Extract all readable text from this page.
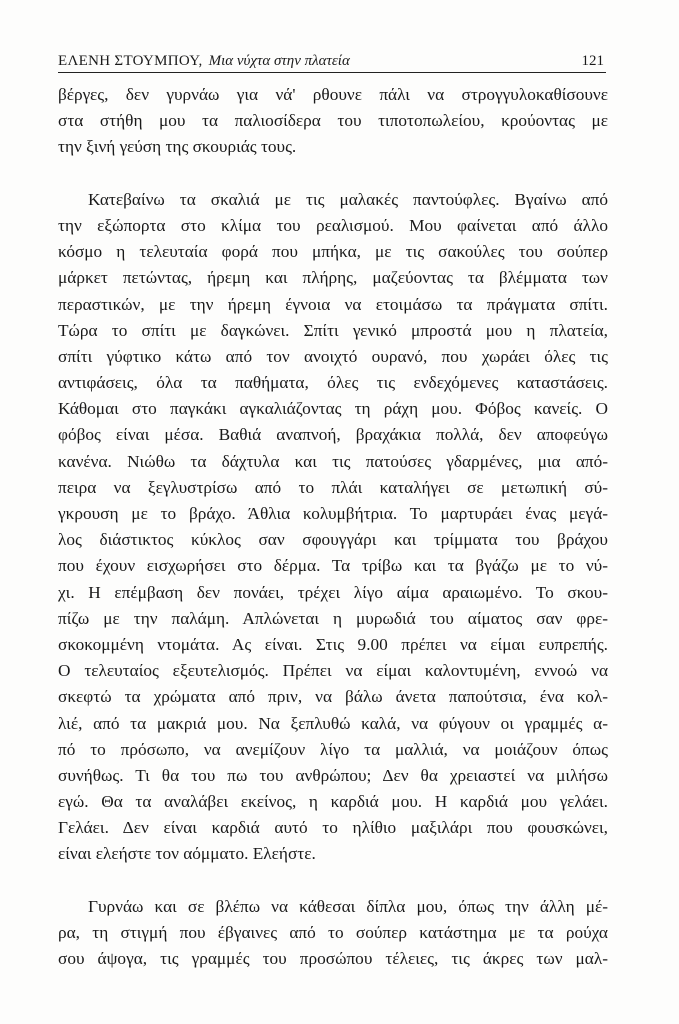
ΕΛΕΝΗ ΣΤΟΥΜΠΟΥ, Μια νύχτα στην πλατεία	121
βέργες, δεν γυρνάω για νά' ρθουνε πάλι να στρογγυλοκαθίσουνε
στα στήθη μου τα παλιοσίδερα του τιποτοπωλείου, κρούοντας με
την ξινή γεύση της σκουριάς τους.
Κατεβαίνω τα σκαλιά με τις μαλακές παντούφλες. Βγαίνω από
την εξώπορτα στο κλίμα του ρεαλισμού. Μου φαίνεται από άλλο
κόσμο η τελευταία φορά που μπήκα, με τις σακούλες του σούπερ
μάρκετ πετώντας, ήρεμη και πλήρης, μαζεύοντας τα βλέμματα των
περαστικών, με την ήρεμη έγνοια να ετοιμάσω τα πράγματα σπίτι.
Τώρα το σπίτι με δαγκώνει. Σπίτι γενικό μπροστά μου η πλατεία,
σπίτι γύφτικο κάτω από τον ανοιχτό ουρανό, που χωράει όλες τις
αντιφάσεις, όλα τα παθήματα, όλες τις ενδεχόμενες καταστάσεις.
Κάθομαι στο παγκάκι αγκαλιάζοντας τη ράχη μου. Φόβος κανείς. Ο
φόβος είναι μέσα. Βαθιά αναπνοή, βραχάκια πολλά, δεν αποφεύγω
κανένα. Νιώθω τα δάχτυλα και τις πατούσες γδαρμένες, μια από-
πειρα να ξεγλυστρίσω από το πλάι καταλήγει σε μετωπική σύ-
γκρουση με το βράχο. Άθλια κολυμβήτρια. Το μαρτυράει ένας μεγά-
λος διάστικτος κύκλος σαν σφουγγάρι και τρίμματα του βράχου
που έχουν εισχωρήσει στο δέρμα. Τα τρίβω και τα βγάζω με το νύ-
χι. Η επέμβαση δεν πονάει, τρέχει λίγο αίμα αραιωμένο. Το σκου-
πίζω με την παλάμη. Απλώνεται η μυρωδιά του αίματος σαν φρε-
σκοκομμένη ντομάτα. Ας είναι. Στις 9.00 πρέπει να είμαι ευπρεπής.
Ο τελευταίος εξευτελισμός. Πρέπει να είμαι καλοντυμένη, εννοώ να
σκεφτώ τα χρώματα από πριν, να βάλω άνετα παπούτσια, ένα κολ-
λιέ, από τα μακριά μου. Να ξεπλυθώ καλά, να φύγουν οι γραμμές α-
πό το πρόσωπο, να ανεμίζουν λίγο τα μαλλιά, να μοιάζουν όπως
συνήθως. Τι θα του πω του ανθρώπου; Δεν θα χρειαστεί να μιλήσω
εγώ. Θα τα αναλάβει εκείνος, η καρδιά μου. Η καρδιά μου γελάει.
Γελάει. Δεν είναι καρδιά αυτό το ηλίθιο μαξιλάρι που φουσκώνει,
είναι ελεήστε τον αόμματο. Ελεήστε.
Γυρνάω και σε βλέπω να κάθεσαι δίπλα μου, όπως την άλλη μέ-
ρα, τη στιγμή που έβγαινες από το σούπερ κατάστημα με τα ρούχα
σου άψογα, τις γραμμές του προσώπου τέλειες, τις άκρες των μαλ-
